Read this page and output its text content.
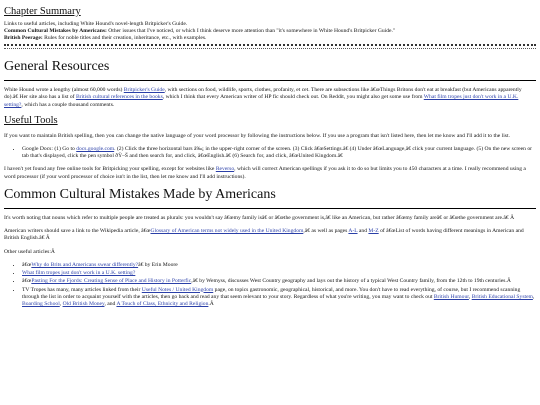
Chapter Summary

Links to useful articles, including White Hound's novel-length Britpicker's Guide.

Common Cultural Mistakes by Americans: Other issues that I've noticed, or which I think deserve more attention than "it's somewhere in White Hound's Britpicker Guide."

British Peerage: Rules for noble titles and their creation, inheritance, etc., with examples.

General Resources

White Hound wrote a lengthy (almost 60,000 words) Britpicker's Guide, with sections on food, wildlife, sports, clothes, profanity, et cet. There are subsections like â€œThings Britons don't eat at breakfast (but Americans apparently do).â€ Her site also has a list of British cultural references in the books, which I think that every American writer of HP fic should check out. On Reddit, you might also get some use from What film tropes just don't work in a U.K. setting?, which has a couple thousand comments.

Useful Tools

If you want to maintain British spelling, then you can change the native language of your word processor by following the instructions below. If you use a program that isn't listed here, then let me know and I'll add it to the list.

• Google Docs: (1) Go to docs.google.com. (2) Click the three horizontal bars â‰¡ in the upper-right corner of the screen. (3) Click â€œSettings.â€ (4) Under â€œLanguage,â€ click your current language. (5) On the new screen or tab that's displayed, click the pen symbol ðŸ–Š and then search for, and click, â€œEnglish.â€ (6) Search for, and click, â€œUnited Kingdom.â€

I haven't yet found any free online tools for Britpicking your spelling, except for websites like Reverso, which will correct American spellings if you ask it to do so but limits you to 450 characters at a time. I really recommend using a word processor (if your word processor of choice isn't in the list, then let me know and I'll add instructions).

Common Cultural Mistakes Made by Americans

It's worth noting that nouns which refer to multiple people are treated as plurals: you wouldn't say â€œmy family isâ€ or â€œthe government is,â€ like an American, but rather â€œmy family areâ€ or â€œthe government are.â€ Â

American writers should save a link to the Wikipedia article, â€œGlossary of American terms not widely used in the United Kingdom,â€ as well as pages A-L and M-Z of â€œList of words having different meanings in American and British English.â€ Â

Other useful articles:Â

• â€œWhy do Brits and Americans swear differently?â€ by Erin Moore
• What film tropes just don't work in a U.K. setting?
• â€œPasting For the Fjords: Creating Sense of Place and History in Potterfic,â€ by Wemyss, discusses West Country geography and lays out the history of a typical West Country family, from the 12th to 19th centuries.Â
• TV Tropes has many, many articles linked from their Useful Notes / United Kingdom page, on topics gastronomic, geographical, historical, and more. You don't have to read everything, of course, but I recommend scanning through the list in order to acquaint yourself with the articles, then go back and read any that seem relevant to your story. Regardless of what you're writing, you may want to check out British Humour, British Educational System, Boarding School, Old British Money, and A Touch of Class, Ethnicity and Religion.Â
